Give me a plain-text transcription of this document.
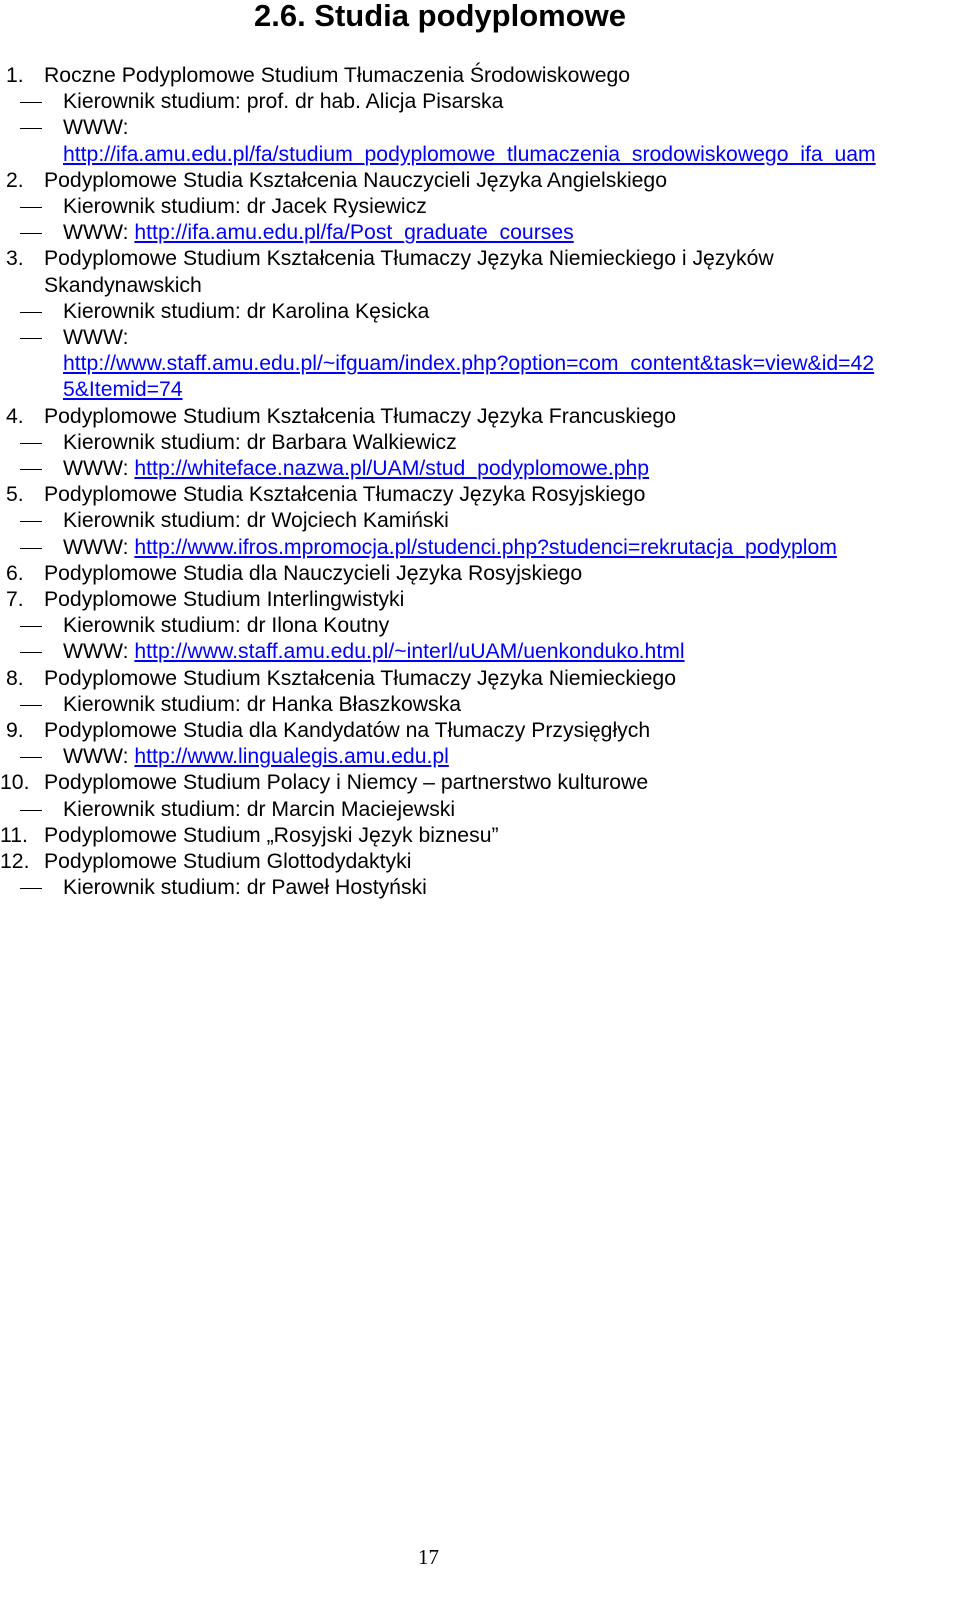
2.6. Studia podyplomowe
1. Roczne Podyplomowe Studium Tłumaczenia Środowiskowego
Kierownik studium: prof. dr hab. Alicja Pisarska
WWW:
http://ifa.amu.edu.pl/fa/studium_podyplomowe_tlumaczenia_srodowiskowego_ifa_uam
2. Podyplomowe Studia Kształcenia Nauczycieli Języka Angielskiego
Kierownik studium: dr Jacek Rysiewicz
WWW: http://ifa.amu.edu.pl/fa/Post_graduate_courses
3. Podyplomowe Studium Kształcenia Tłumaczy Języka Niemieckiego i Języków
Skandynawskich
Kierownik studium: dr Karolina Kęsicka
WWW:
http://www.staff.amu.edu.pl/~ifguam/index.php?option=com_content&task=view&id=42
5&Itemid=74
4. Podyplomowe Studium Kształcenia Tłumaczy Języka Francuskiego
Kierownik studium: dr Barbara Walkiewicz
WWW: http://whiteface.nazwa.pl/UAM/stud_podyplomowe.php
5. Podyplomowe Studia Kształcenia Tłumaczy Języka Rosyjskiego
Kierownik studium: dr Wojciech Kamiński
WWW: http://www.ifros.mpromocja.pl/studenci.php?studenci=rekrutacja_podyplom
6. Podyplomowe Studia dla Nauczycieli Języka Rosyjskiego
7. Podyplomowe Studium Interlingwistyki
Kierownik studium: dr Ilona Koutny
WWW: http://www.staff.amu.edu.pl/~interl/uUAM/uenkonduko.html
8. Podyplomowe Studium Kształcenia Tłumaczy Języka Niemieckiego
Kierownik studium: dr Hanka Błaszkowska
9. Podyplomowe Studia dla Kandydatów na Tłumaczy Przysięgłych
WWW: http://www.lingualegis.amu.edu.pl
10. Podyplomowe Studium Polacy i Niemcy – partnerstwo kulturowe
Kierownik studium: dr Marcin Maciejewski
11. Podyplomowe Studium „Rosyjski Język biznesu”
12. Podyplomowe Studium Glottodydaktyki
Kierownik studium: dr Paweł Hostyński
17
